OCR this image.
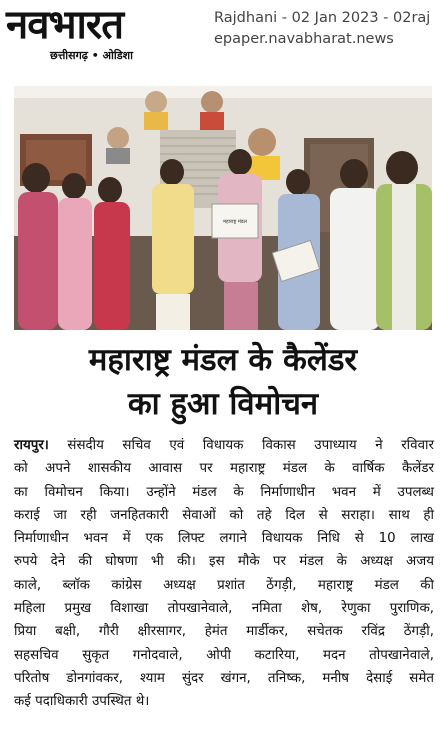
नवभारत
छत्तीसगढ़ • ओडिशा
Rajdhani - 02 Jan 2023 - 02raj
epaper.navabharat.news
महाराष्ट्र मंडल
महाराष्ट्र मंडल के कैलेंडर
का हुआ विमोचन
रायपुर। संसदीय सचिव एवं विधायक विकास उपाध्याय ने रविवार
को अपने शासकीय आवास पर महाराष्ट्र मंडल के वार्षिक कैलेंडर
का विमोचन किया। उन्होंने मंडल के निर्माणाधीन भवन में उपलब्ध
कराई जा रही जनहितकारी सेवाओं को तहे दिल से सराहा। साथ ही
निर्माणाधीन भवन में एक लिफ्ट लगाने विधायक निधि से 10 लाख
रुपये देने की घोषणा भी की। इस मौके पर मंडल के अध्यक्ष अजय
काले, ब्लॉक कांग्रेस अध्यक्ष प्रशांत ठेंगड़ी, महाराष्ट्र मंडल की
महिला प्रमुख विशाखा तोपखानेवाले, नमिता शेष, रेणुका पुराणिक,
प्रिया बक्षी, गौरी क्षीरसागर, हेमंत मार्डीकर, सचेतक रविंद्र ठेंगड़ी,
सहसचिव सुकृत गनोदवाले, ओपी कटारिया, मदन तोपखानेवाले,
परितोष डोनगांवकर, श्याम सुंदर खंगन, तनिष्क, मनीष देसाई समेत
कई पदाधिकारी उपस्थित थे।
